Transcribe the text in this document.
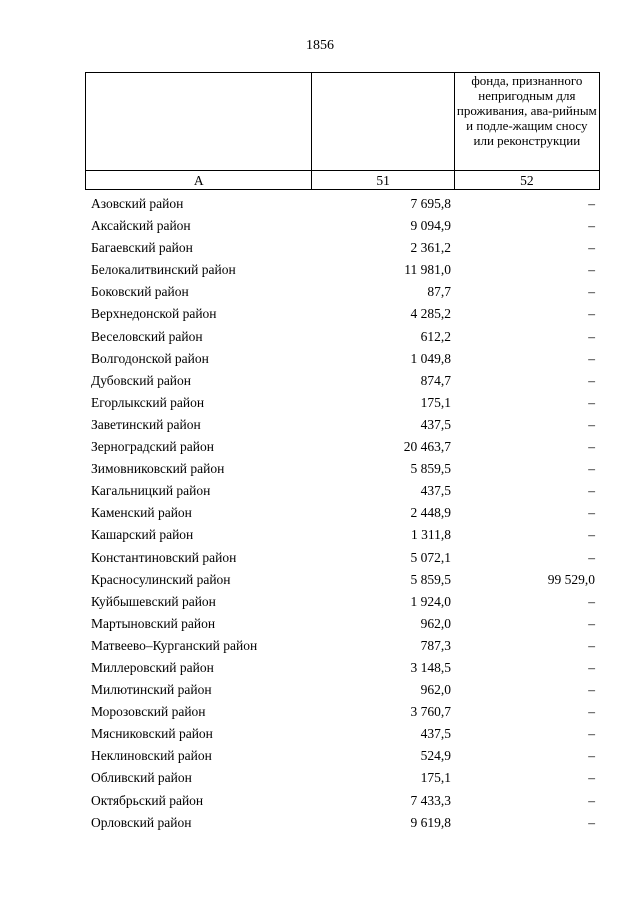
1856
		фонда, признанного непригодным для проживания, ава-рийным и подле-жащим сносу или реконструкции
А	51	52
Азовский район	7 695,8	–
Аксайский район	9 094,9	–
Багаевский район	2 361,2	–
Белокалитвинский район	11 981,0	–
Боковский район	87,7	–
Верхнедонской район	4 285,2	–
Веселовский район	612,2	–
Волгодонской район	1 049,8	–
Дубовский район	874,7	–
Егорлыкский район	175,1	–
Заветинский район	437,5	–
Зерноградский район	20 463,7	–
Зимовниковский район	5 859,5	–
Кагальницкий район	437,5	–
Каменский район	2 448,9	–
Кашарский район	1 311,8	–
Константиновский район	5 072,1	–
Красносулинский район	5 859,5	99 529,0
Куйбышевский район	1 924,0	–
Мартыновский район	962,0	–
Матвеево–Курганский район	787,3	–
Миллеровский район	3 148,5	–
Милютинский район	962,0	–
Морозовский район	3 760,7	–
Мясниковский район	437,5	–
Неклиновский район	524,9	–
Обливский район	175,1	–
Октябрьский район	7 433,3	–
Орловский район	9 619,8	–
